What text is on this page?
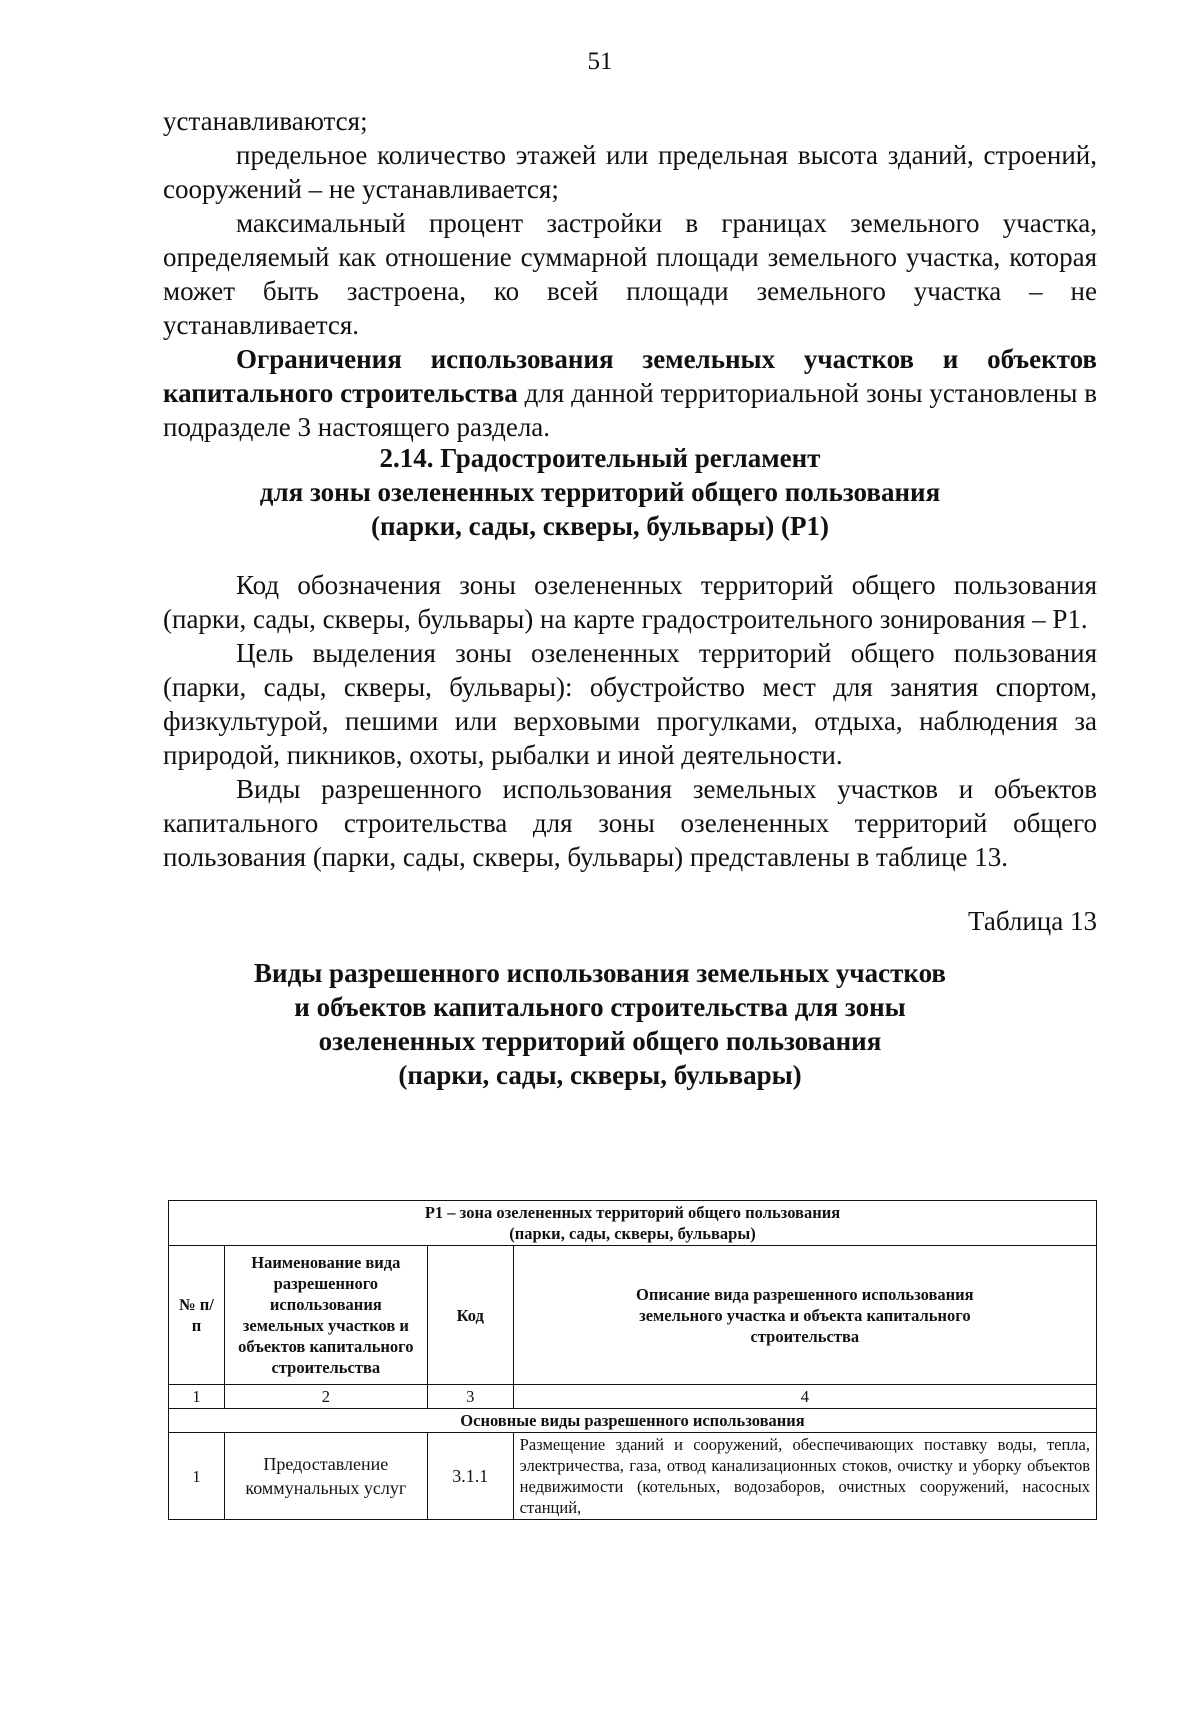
51

устанавливаются;

предельное количество этажей или предельная высота зданий, строений, сооружений – не устанавливается;

максимальный процент застройки в границах земельного участка, определяемый как отношение суммарной площади земельного участка, которая может быть застроена, ко всей площади земельного участка – не устанавливается.

Ограничения использования земельных участков и объектов капитального строительства для данной территориальной зоны установлены в подразделе 3 настоящего раздела.

2.14. Градостроительный регламент
для зоны озелененных территорий общего пользования
(парки, сады, скверы, бульвары) (Р1)

Код обозначения зоны озелененных территорий общего пользования (парки, сады, скверы, бульвары) на карте градостроительного зонирования – Р1.

Цель выделения зоны озелененных территорий общего пользования (парки, сады, скверы, бульвары): обустройство мест для занятия спортом, физкультурой, пешими или верховыми прогулками, отдыха, наблюдения за природой, пикников, охоты, рыбалки и иной деятельности.

Виды разрешенного использования земельных участков и объектов капитального строительства для зоны озелененных территорий общего пользования (парки, сады, скверы, бульвары) представлены в таблице 13.

Таблица 13
Виды разрешенного использования земельных участков
и объектов капитального строительства для зоны
озелененных территорий общего пользования
(парки, сады, скверы, бульвары)
Р1 – зона озелененных территорий общего пользования
(парки, сады, скверы, бульвары)			

№ п/п	Наименование вида разрешенного использования земельных участков и объектов капитального строительства	Код	Описание вида разрешенного использования земельного участка и объекта капитального строительства
1	2	3	4
Основные виды разрешенного использования			
1	Предоставление коммунальных услуг	3.1.1	Размещение зданий и сооружений, обеспечивающих поставку воды, тепла, электричества, газа, отвод канализационных стоков, очистку и уборку объектов недвижимости (котельных, водозаборов, очистных сооружений, насосных станций,
